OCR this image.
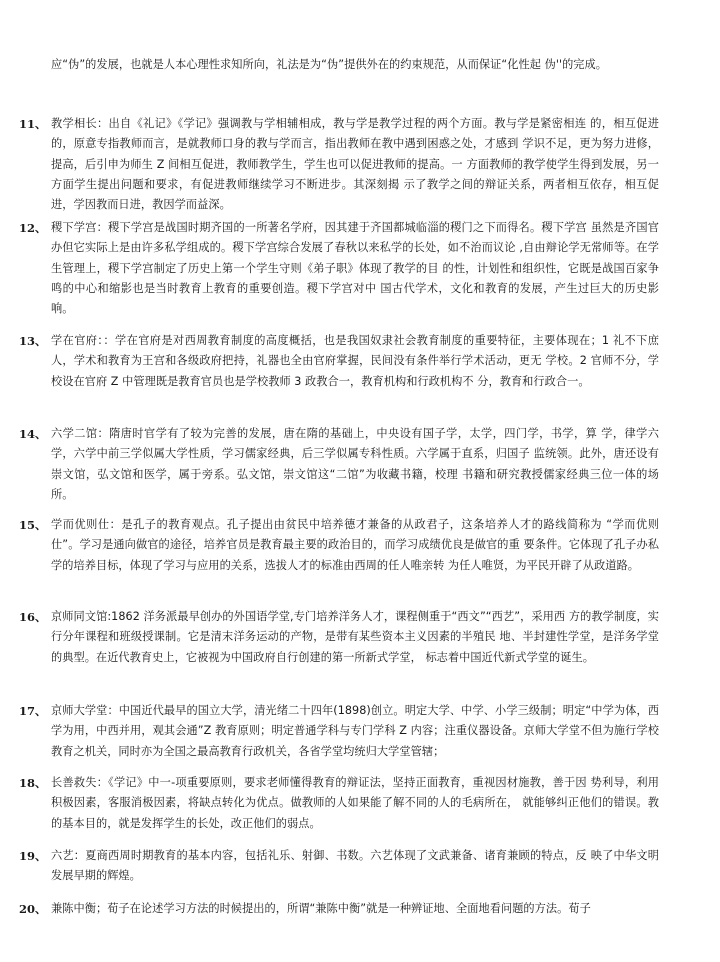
应“伪”的发展，也就是人本心理性求知所向，礼法是为“伪”提供外在的约束规范，从而保证“化性起 伪''的完成。

11、 教学相长：出自《礼记》《学记》强调教与学相辅相成，教与学是教学过程的两个方面。教与学是紧密相连 的，相互促进的，原意专指教师而言，是就教师口身的教与学而言，指出教师在教中遇到困惑之处，才感到 学识不足，更为努力进修，提高，后引申为师生 Z 间相互促进，教师教学生，学生也可以促进教师的提高。一 方面教师的教学使学生得到发展，另一方面学生提出问题和要求，有促进教师继续学习不断进步。其深刻揭 示了教学之间的辩证关系，两者相互依存，相互促进，学因教而日进，教因学而益深。

12、 稷下学宫：稷下学宫是战国时期齐国的一所著名学府，因其建于齐国都城临淄的稷门之下而得名。稷下学宫 虽然是齐国官办但它实际上是由许多私学组成的。稷下学宫综合发展了春秋以来私学的长处，如不治而议论 ,自由辩论学无常师等。在学生管理上，稷下学宫制定了历史上第一个学生守则《弟子职》体现了教学的目 的性，计划性和组织性，它既是战国百家争鸣的中心和缩影也是当时教育上教育的重要创造。稷下学宫对中 国古代学术，文化和教育的发展，产生过巨大的历史影响。

13、 学在官府：：学在官府是对西周教育制度的高度概括，也是我国奴隶社会教育制度的重要特征，主要体现在；1 礼不下庶人，学术和教育为王宫和各级政府把持，礼器也全由官府掌握，民间没有条件举行学术活动，更无 学校。2 官师不分，学校设在官府 Z 中管理既是教育官员也是学校教师 3 政教合一，教育机构和行政机构不 分，教育和行政合一。

14、 六学二馆：隋唐时官学有了较为完善的发展，唐在隋的基础上，中央设有国子学，太学，四门学，书学，算 学，律学六学，六学中前三学似属大学性质，学习儒家经典，后三学似属专科性质。六学属于直系，归国子 监统领。此外，唐还设有崇文馆，弘文馆和医学，属于旁系。弘文馆，崇文馆这“二馆”为收藏书籍，校理 书籍和研究教授儒家经典三位一体的场所。

15、 学而优则仕：是孔子的教育观点。孔子提出由贫民中培养德才兼备的从政君子，这条培养人才的路线简称为 “学而优则仕”。学习是通向做官的途径，培养官员是教育最主要的政治目的，而学习成绩优良是做官的重 要条件。它体现了孔子办私学的培养目标，体现了学习与应用的关系，选拔人才的标准由西周的任人唯亲转 为任人唯贤，为平民开辟了从政道路。

16、 京师同文馆:1862 洋务派最早创办的外国语学堂,专门培养洋务人才，课程侧重于“西文”“西艺”，采用西 方的教学制度，实行分年课程和班级授课制。它是清末洋务运动的产物，是带有某些资本主义因素的半殖民 地、半封建性学堂，是洋务学堂的典型。在近代教育史上，它被视为中国政府自行创建的第一所新式学堂， 标志着中国近代新式学堂的诞生。

17、 京师大学堂：中国近代最早的国立大学，清光绪二十四年(1898)创立。明定大学、中学、小学三级制；明定“中学为体，西学为用，中西并用，观其会通”Z 教育原则；明定普通学科与专门学科 Z 内容；注重仪器设备。京师大学堂不但为施行学校教育之机关，同时亦为全国之最高教育行政机关，各省学堂均统归大学堂管辖；

18、 长善救失：《学记》中一-项重要原则，要求老师懂得教育的辩证法，坚持正面教育，重视因材施教，善于因 势利导，利用积极因素，客服消极因素，将缺点转化为优点。做教师的人如果能了解不同的人的毛病所在， 就能够纠正他们的错误。教的基本目的，就是发挥学生的长处，改正他们的弱点。

19、 六艺：夏商西周时期教育的基本内容，包括礼乐、射御、书数。六艺体现了文武兼备、诸育兼顾的特点，反 映了中华文明发展早期的辉煌。

20、 兼陈中衡；荀子在论述学习方法的时候提出的，所谓“兼陈中衡”就是一种辨证地、全面地看问题的方法。荀子
